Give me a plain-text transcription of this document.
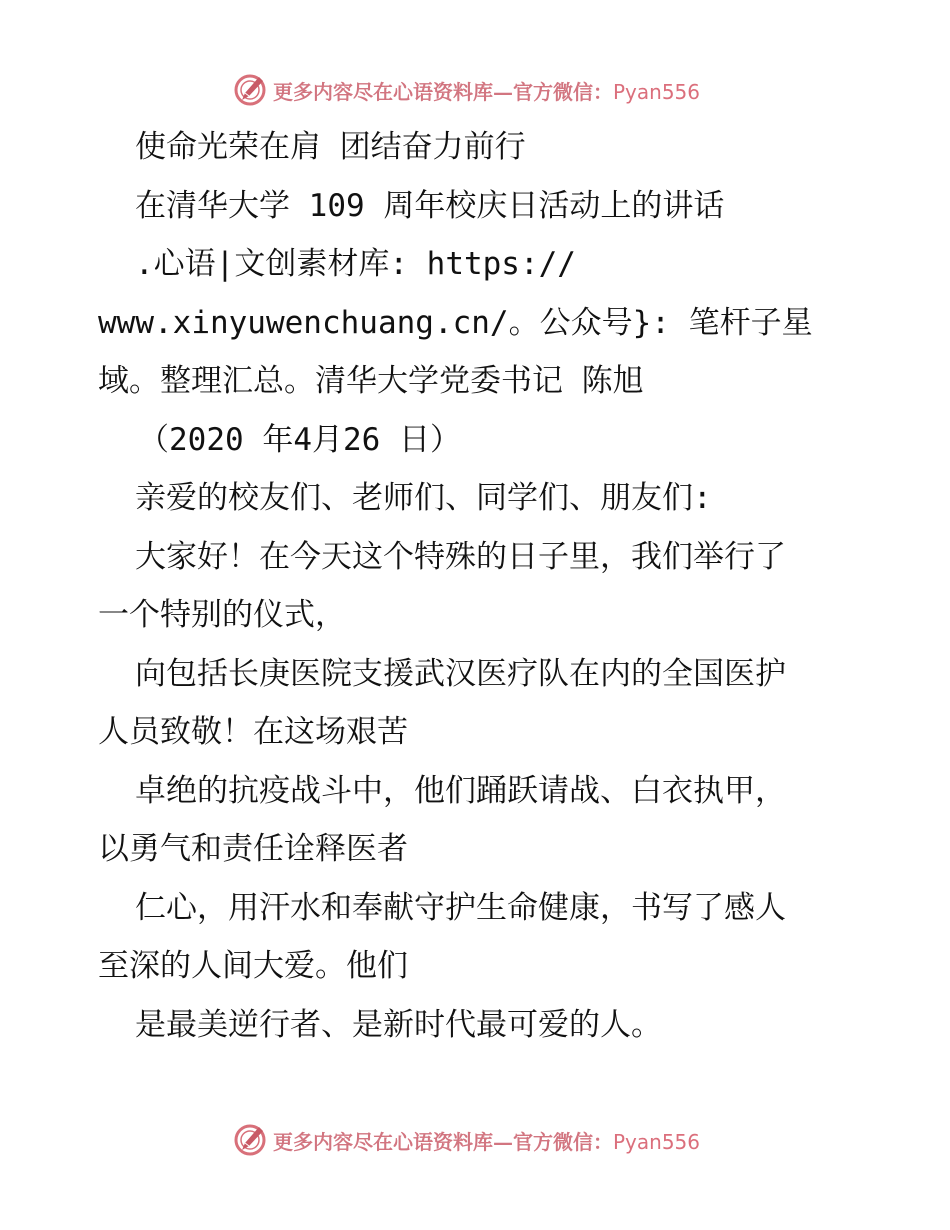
更多内容尽在心语资料库—官方微信：Pyan556
使命光荣在肩 团结奋力前行
在清华大学 109 周年校庆日活动上的讲话
.心语|文创素材库: https://
www.xinyuwenchuang.cn/。公众号}: 笔杆子星
域。整理汇总。清华大学党委书记 陈旭
（2020 年4月26 日）
亲爱的校友们、老师们、同学们、朋友们:
大家好！在今天这个特殊的日子里，我们举行了
一个特别的仪式，
向包括长庚医院支援武汉医疗队在内的全国医护
人员致敬！在这场艰苦
卓绝的抗疫战斗中，他们踊跃请战、白衣执甲，
以勇气和责任诠释医者
仁心，用汗水和奉献守护生命健康，书写了感人
至深的人间大爱。他们
是最美逆行者、是新时代最可爱的人。
更多内容尽在心语资料库—官方微信：Pyan556
